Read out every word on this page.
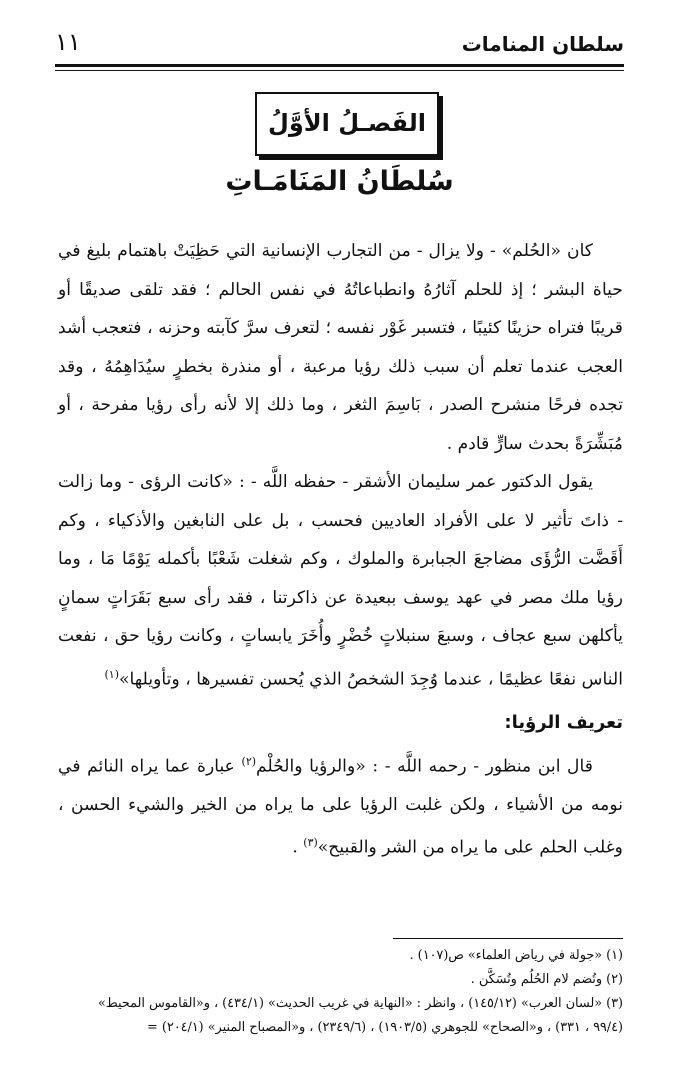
سلطان المنامات
١١
الفَصـلُ الأوَّلُ
سُلطَانُ المَنَامَـاتِ

كان «الحُلم» - ولا يزال - من التجارب الإنسانية التي حَظِيَتْ باهتمام بليغ في حياة البشر ؛ إذ للحلم آثارُهُ وانطباعاتُهُ في نفس الحالم ؛ فقد تلقى صديقًا أو قريبًا فتراه حزينًا كئيبًا ، فتسبر غَوْر نفسه ؛ لتعرف سرَّ كآبته وحزنه ، فتعجب أشد العجب عندما تعلم أن سبب ذلك رؤيا مرعبة ، أو منذرة بخطرٍ سيُدَاهِمُهُ ، وقد تجده فرحًا منشرح الصدر ، بَاسِمَ الثغر ، وما ذلك إلا لأنه رأى رؤيا مفرحة ، أو مُبَشِّرَةً بحدث سارٍّ قادم .

يقول الدكتور عمر سليمان الأشقر - حفظه اللَّه - : «كانت الرؤى - وما زالت - ذاتَ تأثير لا على الأفراد العاديين فحسب ، بل على النابغين والأذكياء ، وكم أَقَضَّت الرُّؤَى مضاجعَ الجبابرة والملوك ، وكم شغلت شَعْبًا بأكمله يَوْمًا مَا ، وما رؤيا ملك مصر في عهد يوسف ببعيدة عن ذاكرتنا ، فقد رأى سبع بَقَرَاتٍ سمانٍ يأكلهن سبع عجاف ، وسبعَ سنبلاتٍ خُضْرٍ وأُخَرَ يابساتٍ ، وكانت رؤيا حق ، نفعت الناس نفعًا عظيمًا ، عندما وُجِدَ الشخصُ الذي يُحسن تفسيرها ، وتأويلها»$^{(١)}$

تعريف الرؤيا:

قال ابن منظور - رحمه اللَّه - : «والرؤيا والحُلْم$^{(٢)}$ عبارة عما يراه النائم في نومه من الأشياء ، ولكن غلبت الرؤيا على ما يراه من الخير والشيء الحسن ، وغلب الحلم على ما يراه من الشر والقبيح»$^{(٣)}$ .

(١) «جولة في رياض العلماء» ص(١٠٧) .
(٢) وتُضم لام الحُلُم وتُسَكَّن .
(٣) «لسان العرب» (١٤٥/١٢) ، وانظر : «النهاية في غريب الحديث» (٤٣٤/١) ، و«القاموس المحيط»
(٩٩/٤ ، ٣٣١) ، و«الصحاح» للجوهري (١٩٠٣/٥) ، (٢٣٤٩/٦) ، و«المصباح المنير» (٢٠٤/١) =
